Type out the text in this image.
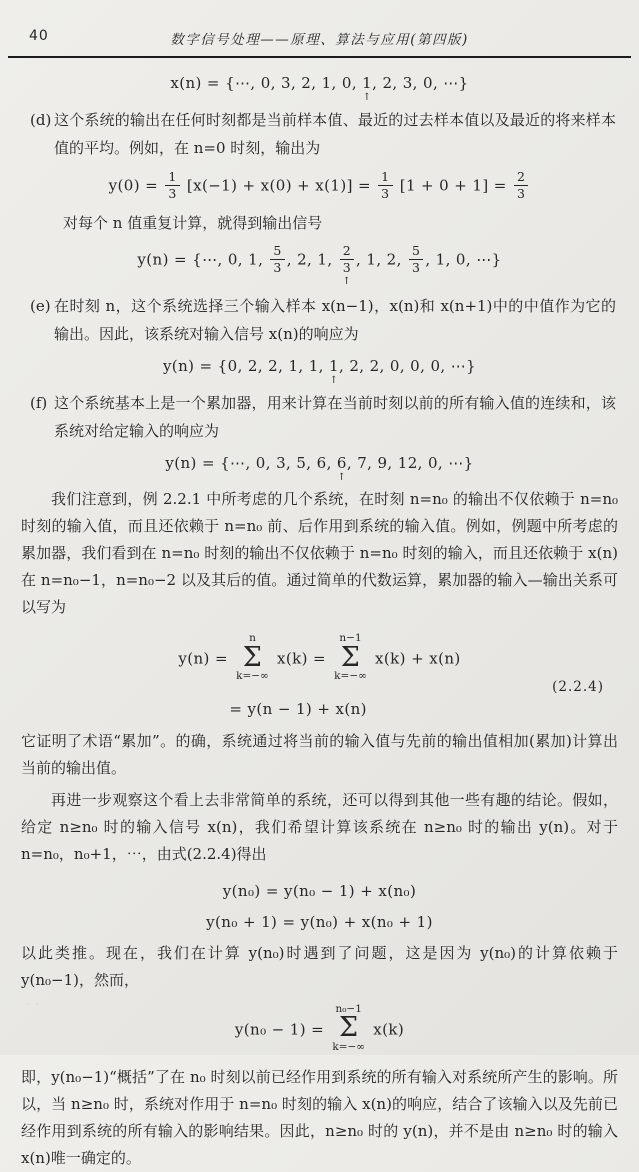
40	数字信号处理——原理、算法与应用(第四版)
x(n) = {⋯, 0, 3, 2, 1, 0, 1
↑
, 2, 3, 0, ⋯}
(d) 这个系统的输出在任何时刻都是当前样本值、最近的过去样本值以及最近的将来样本值的平均。例如，在 n=0 时刻，输出为
$y(0) = \frac{1}{3} [x(-1) + x(0) + x(1)] = \frac{1}{3} [1 + 0 + 1] = \frac{2}{3}$

对每个 n 值重复计算，就得到输出信号

y(n) = {⋯, 0, 1, $\frac{5}{3}$ , 2, 1, $\frac{2}{3}$
↑
, 1, 2, $\frac{5}{3}$ , 1, 0, ⋯}
(e) 在时刻 n，这个系统选择三个输入样本 x(n−1)，x(n)和 x(n+1)中的中值作为它的输出。因此，该系统对输入信号 x(n)的响应为
y(n) = {0, 2, 2, 1, 1, 1
↑
, 2, 2, 0, 0, 0, ⋯}
(f) 这个系统基本上是一个累加器，用来计算在当前时刻以前的所有输入值的连续和，该系统对给定输入的响应为
y(n) = {⋯, 0, 3, 5, 6, 6
↑
, 7, 9, 12, 0, ⋯}

我们注意到，例 2.2.1 中所考虑的几个系统，在时刻 n=n₀ 的输出不仅依赖于 n=n₀ 时刻的输入值，而且还依赖于 n=n₀ 前、后作用到系统的输入值。例如，例题中所考虑的累加器，我们看到在 n=n₀ 时刻的输出不仅依赖于 n=n₀ 时刻的输入，而且还依赖于 x(n)在 n=n₀−1，n=n₀−2 以及其后的值。通过简单的代数运算，累加器的输入—输出关系可以写为

y(n) =
n
Σ
k=−∞
x(k) =
n−1
Σ
k=−∞
x(k) + x(n)
= y(n − 1) + x(n)
(2.2.4)

它证明了术语“累加”。的确，系统通过将当前的输入值与先前的输出值相加(累加)计算出当前的输出值。

再进一步观察这个看上去非常简单的系统，还可以得到其他一些有趣的结论。假如，给定 n≥n₀ 时的输入信号 x(n)，我们希望计算该系统在 n≥n₀ 时的输出 y(n)。对于 n=n₀，n₀+1，⋯，由式(2.2.4)得出

y(n₀) = y(n₀ − 1) + x(n₀)
y(n₀ + 1) = y(n₀) + x(n₀ + 1)

以此类推。现在，我们在计算 y(n₀)时遇到了问题，这是因为 y(n₀)的计算依赖于 y(n₀−1)，然而，

y(n₀ − 1) =
n₀−1
Σ
k=−∞
x(k)

即，y(n₀−1)“概括”了在 n₀ 时刻以前已经作用到系统的所有输入对系统所产生的影响。所以，当 n≥n₀ 时，系统对作用于 n=n₀ 时刻的输入 x(n)的响应，结合了该输入以及先前已经作用到系统的所有输入的影响结果。因此，n≥n₀ 时的 y(n)，并不是由 n≥n₀ 时的输入 x(n)唯一确定的。

· ·
